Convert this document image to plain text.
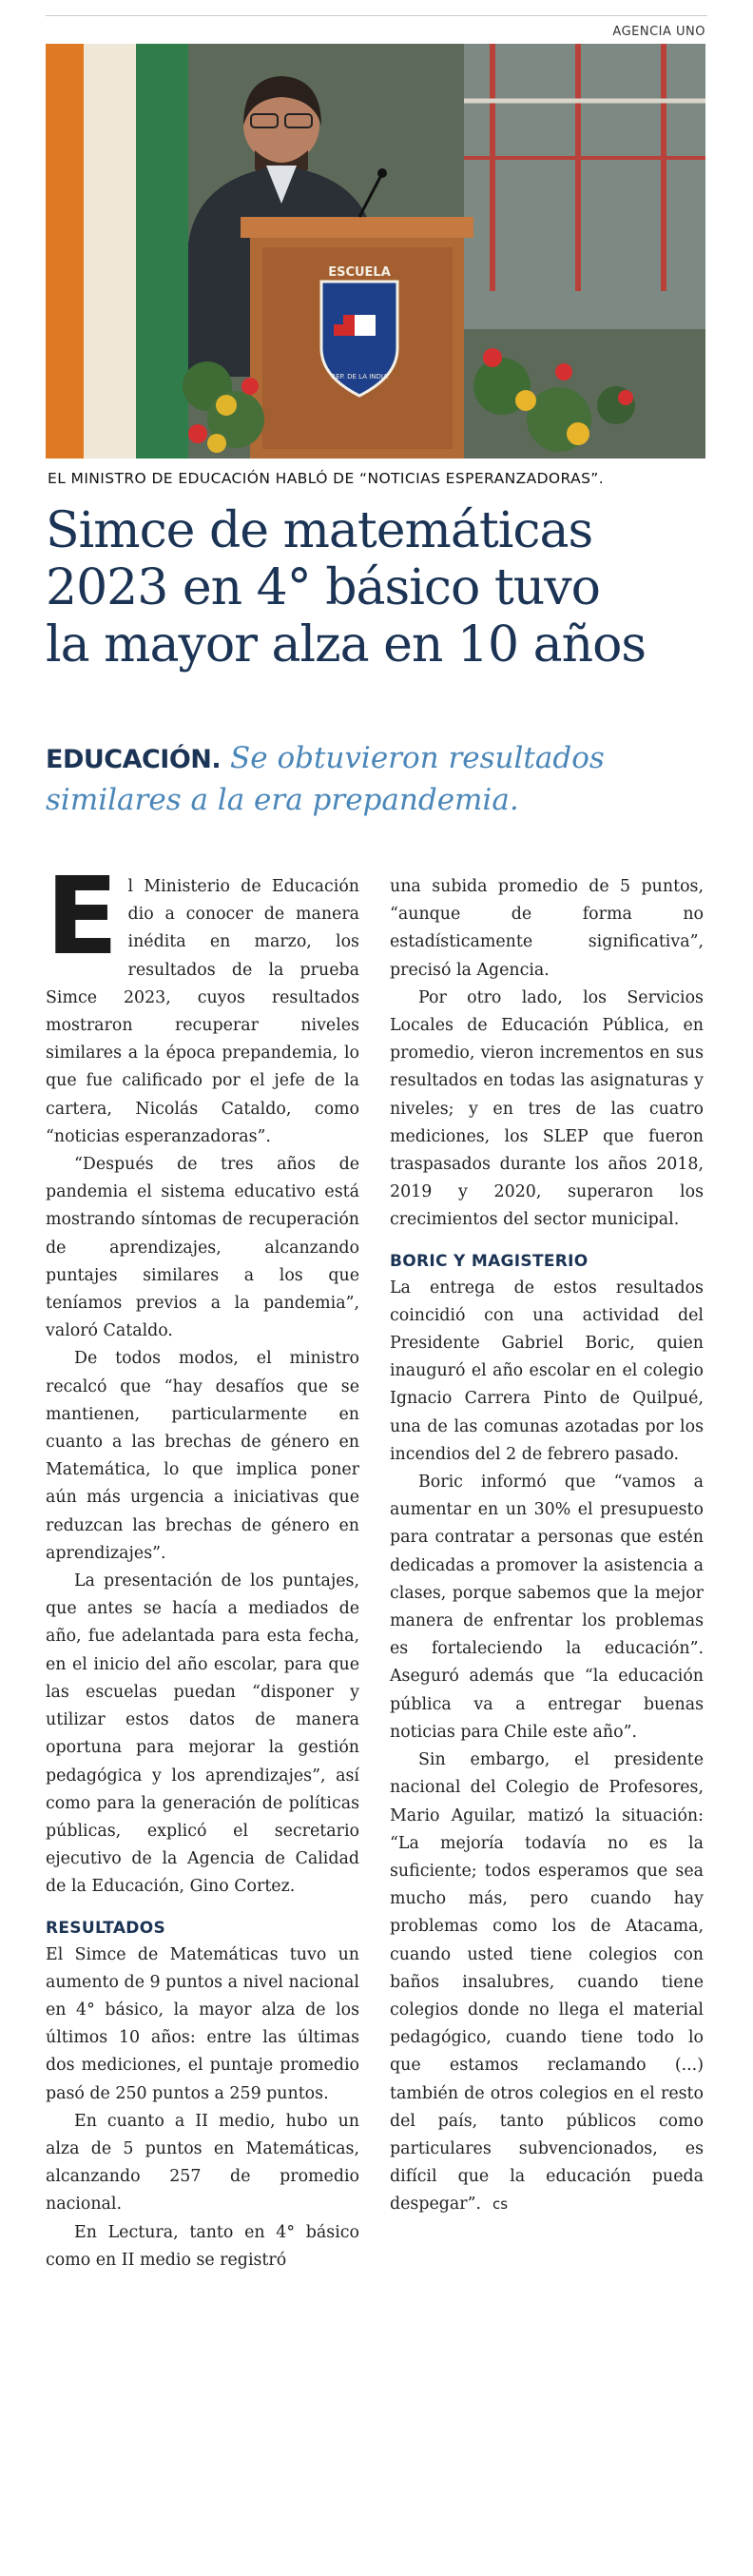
AGENCIA UNO
ESCUELA
REP. DE LA INDIA
EL MINISTRO DE EDUCACIÓN HABLÓ DE “NOTICIAS ESPERANZADORAS”.
Simce de matemáticas
2023 en 4° básico tuvo
la mayor alza en 10 años
EDUCACIÓN. Se obtuvieron resultados
similares a la era prepandemia.

El Ministerio de Educación dio a conocer de manera inédita en marzo, los resultados de la prueba Simce 2023, cuyos resultados mostraron recuperar niveles similares a la época prepandemia, lo que fue calificado por el jefe de la cartera, Nicolás Cataldo, como “noticias esperanzadoras”.

“Después de tres años de pandemia el sistema educativo está mostrando síntomas de recuperación de aprendizajes, alcanzando puntajes similares a los que teníamos previos a la pandemia”, valoró Cataldo.

De todos modos, el ministro recalcó que “hay desafíos que se mantienen, particularmente en cuanto a las brechas de género en Matemática, lo que implica poner aún más urgencia a iniciativas que reduzcan las brechas de género en aprendizajes”.

La presentación de los puntajes, que antes se hacía a mediados de año, fue adelantada para esta fecha, en el inicio del año escolar, para que las escuelas puedan “disponer y utilizar estos datos de manera oportuna para mejorar la gestión pedagógica y los aprendizajes”, así como para la generación de políticas públicas, explicó el secretario ejecutivo de la Agencia de Calidad de la Educación, Gino Cortez.

RESULTADOS

El Simce de Matemáticas tuvo un aumento de 9 puntos a nivel nacional en 4° básico, la mayor alza de los últimos 10 años: entre las últimas dos mediciones, el puntaje promedio pasó de 250 puntos a 259 puntos.

En cuanto a II medio, hubo un alza de 5 puntos en Matemáticas, alcanzando 257 de promedio nacional.

En Lectura, tanto en 4° básico como en II medio se registró

una subida promedio de 5 puntos, “aunque de forma no estadísticamente significativa”, precisó la Agencia.

Por otro lado, los Servicios Locales de Educación Pública, en promedio, vieron incrementos en sus resultados en todas las asignaturas y niveles; y en tres de las cuatro mediciones, los SLEP que fueron traspasados durante los años 2018, 2019 y 2020, superaron los crecimientos del sector municipal.

BORIC Y MAGISTERIO

La entrega de estos resultados coincidió con una actividad del Presidente Gabriel Boric, quien inauguró el año escolar en el colegio Ignacio Carrera Pinto de Quilpué, una de las comunas azotadas por los incendios del 2 de febrero pasado.

Boric informó que “vamos a aumentar en un 30% el presupuesto para contratar a personas que estén dedicadas a promover la asistencia a clases, porque sabemos que la mejor manera de enfrentar los problemas es fortaleciendo la educación”. Aseguró además que “la educación pública va a entregar buenas noticias para Chile este año”.

Sin embargo, el presidente nacional del Colegio de Profesores, Mario Aguilar, matizó la situación: “La mejoría todavía no es la suficiente; todos esperamos que sea mucho más, pero cuando hay problemas como los de Atacama, cuando usted tiene colegios con baños insalubres, cuando tiene colegios donde no llega el material pedagógico, cuando tiene todo lo que estamos reclamando (...) también de otros colegios en el resto del país, tanto públicos como particulares subvencionados, es difícil que la educación pueda despegar”. cs
